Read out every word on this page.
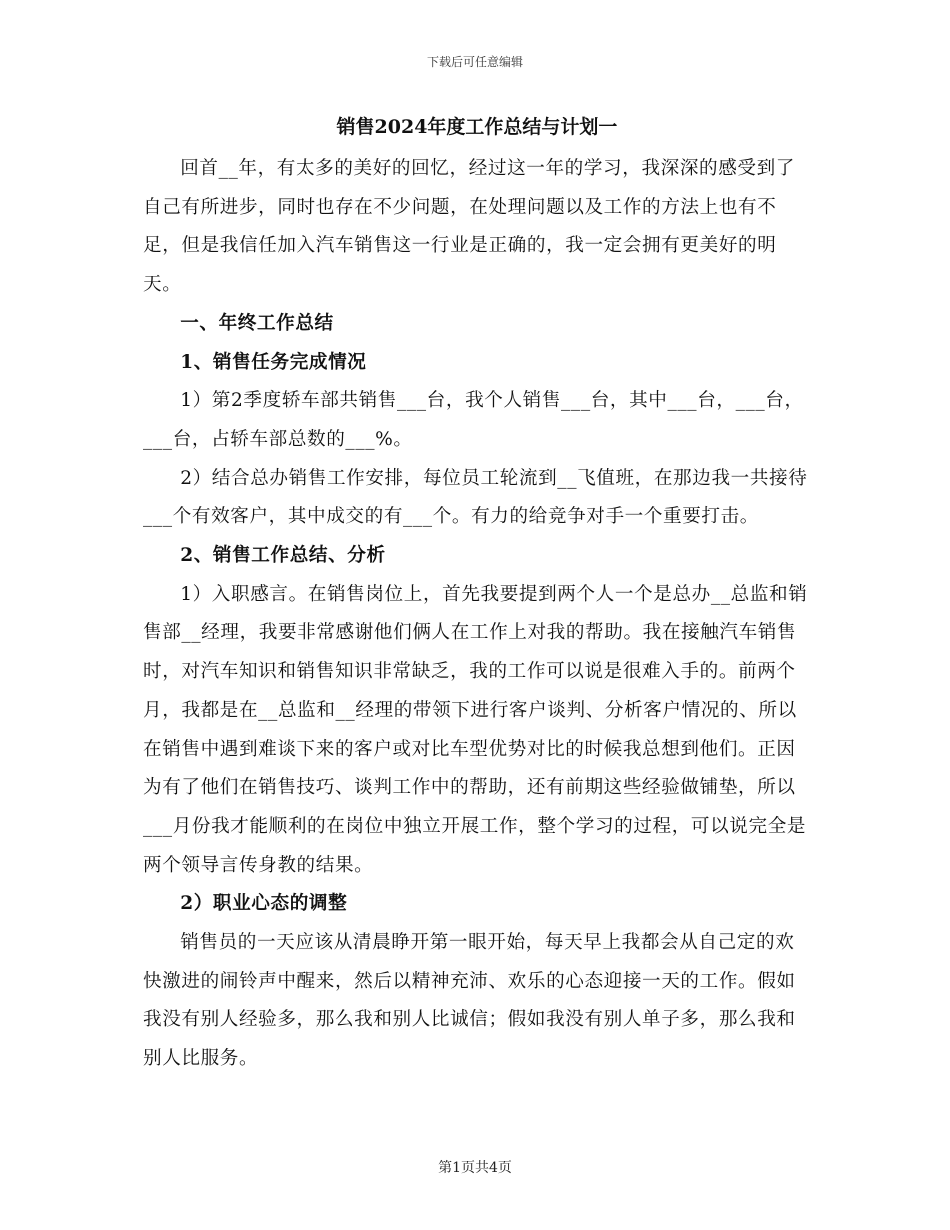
下载后可任意编辑
销售2024年度工作总结与计划一

回首__年，有太多的美好的回忆，经过这一年的学习，我深深的感受到了自己有所进步，同时也存在不少问题，在处理问题以及工作的方法上也有不足，但是我信任加入汽车销售这一行业是正确的，我一定会拥有更美好的明天。

一、年终工作总结

1、销售任务完成情况

1）第2季度轿车部共销售___台，我个人销售___台，其中___台，___台，___台，占轿车部总数的___%。

2）结合总办销售工作安排，每位员工轮流到__飞值班，在那边我一共接待___个有效客户，其中成交的有___个。有力的给竞争对手一个重要打击。

2、销售工作总结、分析

1）入职感言。在销售岗位上，首先我要提到两个人一个是总办__总监和销售部__经理，我要非常感谢他们俩人在工作上对我的帮助。我在接触汽车销售时，对汽车知识和销售知识非常缺乏，我的工作可以说是很难入手的。前两个月，我都是在__总监和__经理的带领下进行客户谈判、分析客户情况的、所以在销售中遇到难谈下来的客户或对比车型优势对比的时候我总想到他们。正因为有了他们在销售技巧、谈判工作中的帮助，还有前期这些经验做铺垫，所以___月份我才能顺利的在岗位中独立开展工作，整个学习的过程，可以说完全是两个领导言传身教的结果。

2）职业心态的调整

销售员的一天应该从清晨睁开第一眼开始，每天早上我都会从自己定的欢快激进的闹铃声中醒来，然后以精神充沛、欢乐的心态迎接一天的工作。假如我没有别人经验多，那么我和别人比诚信；假如我没有别人单子多，那么我和别人比服务。

第1页共4页
